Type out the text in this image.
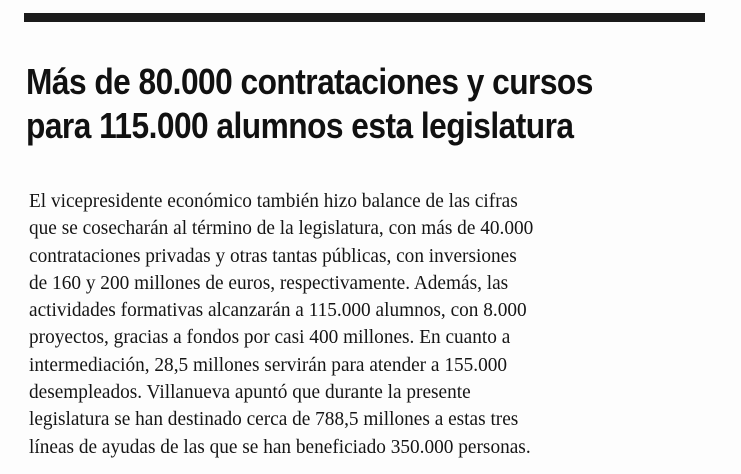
Más de 80.000 contrataciones y cursos
para 115.000 alumnos esta legislatura

El vicepresidente económico también hizo balance de las cifras
que se cosecharán al término de la legislatura, con más de 40.000
contrataciones privadas y otras tantas públicas, con inversiones
de 160 y 200 millones de euros, respectivamente. Además, las
actividades formativas alcanzarán a 115.000 alumnos, con 8.000
proyectos, gracias a fondos por casi 400 millones. En cuanto a
intermediación, 28,5 millones servirán para atender a 155.000
desempleados. Villanueva apuntó que durante la presente
legislatura se han destinado cerca de 788,5 millones a estas tres
líneas de ayudas de las que se han beneficiado 350.000 personas.
